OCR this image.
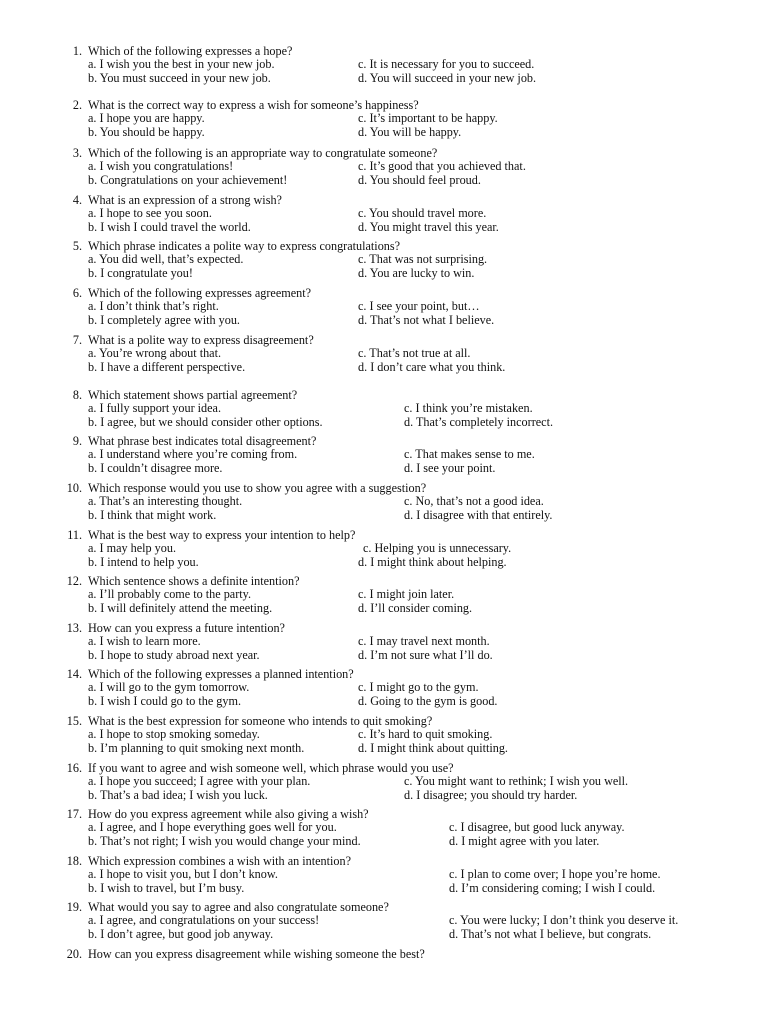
1. Which of the following expresses a hope?
a. I wish you the best in your new job.	c. It is necessary for you to succeed.
b. You must succeed in your new job.	d. You will succeed in your new job.
2. What is the correct way to express a wish for someone’s happiness?
a. I hope you are happy.	c. It’s important to be happy.
b. You should be happy.	d. You will be happy.
3. Which of the following is an appropriate way to congratulate someone?
a. I wish you congratulations!	c. It’s good that you achieved that.
b. Congratulations on your achievement!	d. You should feel proud.
4. What is an expression of a strong wish?
a. I hope to see you soon.	c. You should travel more.
b. I wish I could travel the world.	d. You might travel this year.
5. Which phrase indicates a polite way to express congratulations?
a. You did well, that’s expected.	c. That was not surprising.
b. I congratulate you!	d. You are lucky to win.
6. Which of the following expresses agreement?
a. I don’t think that’s right.	c. I see your point, but…
b. I completely agree with you.	d. That’s not what I believe.
7. What is a polite way to express disagreement?
a. You’re wrong about that.	c. That’s not true at all.
b. I have a different perspective.	d. I don’t care what you think.
8. Which statement shows partial agreement?
a. I fully support your idea.	c. I think you’re mistaken.
b. I agree, but we should consider other options.	d. That’s completely incorrect.
9. What phrase best indicates total disagreement?
a. I understand where you’re coming from.	c. That makes sense to me.
b. I couldn’t disagree more.	d. I see your point.
10. Which response would you use to show you agree with a suggestion?
a. That’s an interesting thought.	c. No, that’s not a good idea.
b. I think that might work.	d. I disagree with that entirely.
11. What is the best way to express your intention to help?
a. I may help you.	c. Helping you is unnecessary.
b. I intend to help you.	d. I might think about helping.
12. Which sentence shows a definite intention?
a. I’ll probably come to the party.	c. I might join later.
b. I will definitely attend the meeting.	d. I’ll consider coming.
13. How can you express a future intention?
a. I wish to learn more.	c. I may travel next month.
b. I hope to study abroad next year.	d. I’m not sure what I’ll do.
14. Which of the following expresses a planned intention?
a. I will go to the gym tomorrow.	c. I might go to the gym.
b. I wish I could go to the gym.	d. Going to the gym is good.
15. What is the best expression for someone who intends to quit smoking?
a. I hope to stop smoking someday.	c. It’s hard to quit smoking.
b. I’m planning to quit smoking next month.	d. I might think about quitting.
16. If you want to agree and wish someone well, which phrase would you use?
a. I hope you succeed; I agree with your plan.	c. You might want to rethink; I wish you well.
b. That’s a bad idea; I wish you luck.	d. I disagree; you should try harder.
17. How do you express agreement while also giving a wish?
a. I agree, and I hope everything goes well for you.	c. I disagree, but good luck anyway.
b. That’s not right; I wish you would change your mind.	d. I might agree with you later.
18. Which expression combines a wish with an intention?
a. I hope to visit you, but I don’t know.	c. I plan to come over; I hope you’re home.
b. I wish to travel, but I’m busy.	d. I’m considering coming; I wish I could.
19. What would you say to agree and also congratulate someone?
a. I agree, and congratulations on your success!	c. You were lucky; I don’t think you deserve it.
b. I don’t agree, but good job anyway.	d. That’s not what I believe, but congrats.
20. How can you express disagreement while wishing someone the best?
